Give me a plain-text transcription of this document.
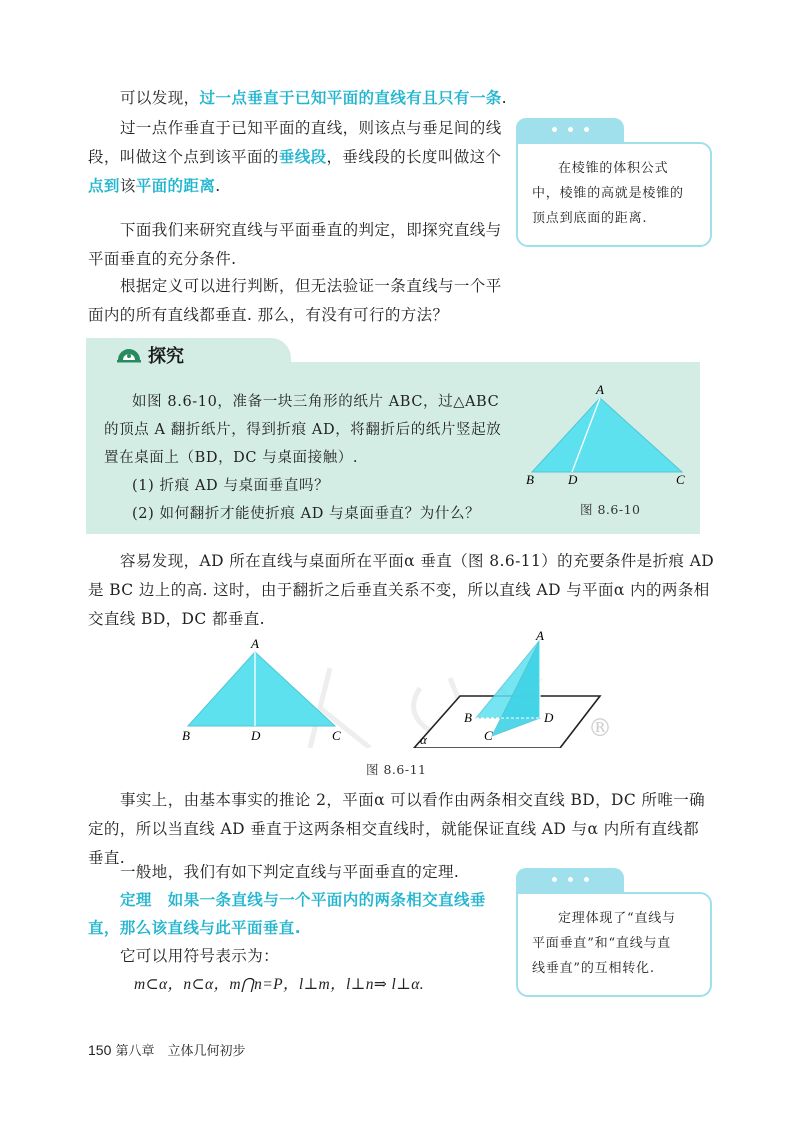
可以发现，过一点垂直于已知平面的直线有且只有一条.
过一点作垂直于已知平面的直线，则该点与垂足间的线
段，叫做这个点到该平面的垂线段，垂线段的长度叫做这个
点到该平面的距离.
下面我们来研究直线与平面垂直的判定，即探究直线与
平面垂直的充分条件.
根据定义可以进行判断，但无法验证一条直线与一个平
面内的所有直线都垂直. 那么，有没有可行的方法？
在棱锥的体积公式
中，棱锥的高就是棱锥的
顶点到底面的距离.
探究
如图 8.6-10，准备一块三角形的纸片 ABC，过△ABC
的顶点 A 翻折纸片，得到折痕 AD，将翻折后的纸片竖起放
置在桌面上（BD，DC 与桌面接触）.
(1) 折痕 AD 与桌面垂直吗？
(2) 如何翻折才能使折痕 AD 与桌面垂直？为什么？
A
B	D	C
图 8.6-10
容易发现，AD 所在直线与桌面所在平面α 垂直（图 8.6-11）的充要条件是折痕 AD
是 BC 边上的高. 这时，由于翻折之后垂直关系不变，所以直线 AD 与平面α 内的两条相
交直线 BD，DC 都垂直.
®
A
B	D	C	α
A
B	D
C
图 8.6-11
事实上，由基本事实的推论 2，平面α 可以看作由两条相交直线 BD，DC 所唯一确
定的，所以当直线 AD 垂直于这两条相交直线时，就能保证直线 AD 与α 内所有直线都
垂直.
一般地，我们有如下判定直线与平面垂直的定理.
定理 如果一条直线与一个平面内的两条相交直线垂
直，那么该直线与此平面垂直.
它可以用符号表示为：
m⊂α，n⊂α，m⋂n=P，l⊥m，l⊥n⇒ l⊥α.
定理体现了“直线与
平面垂直”和“直线与直
线垂直”的互相转化.
150 第八章　立体几何初步
